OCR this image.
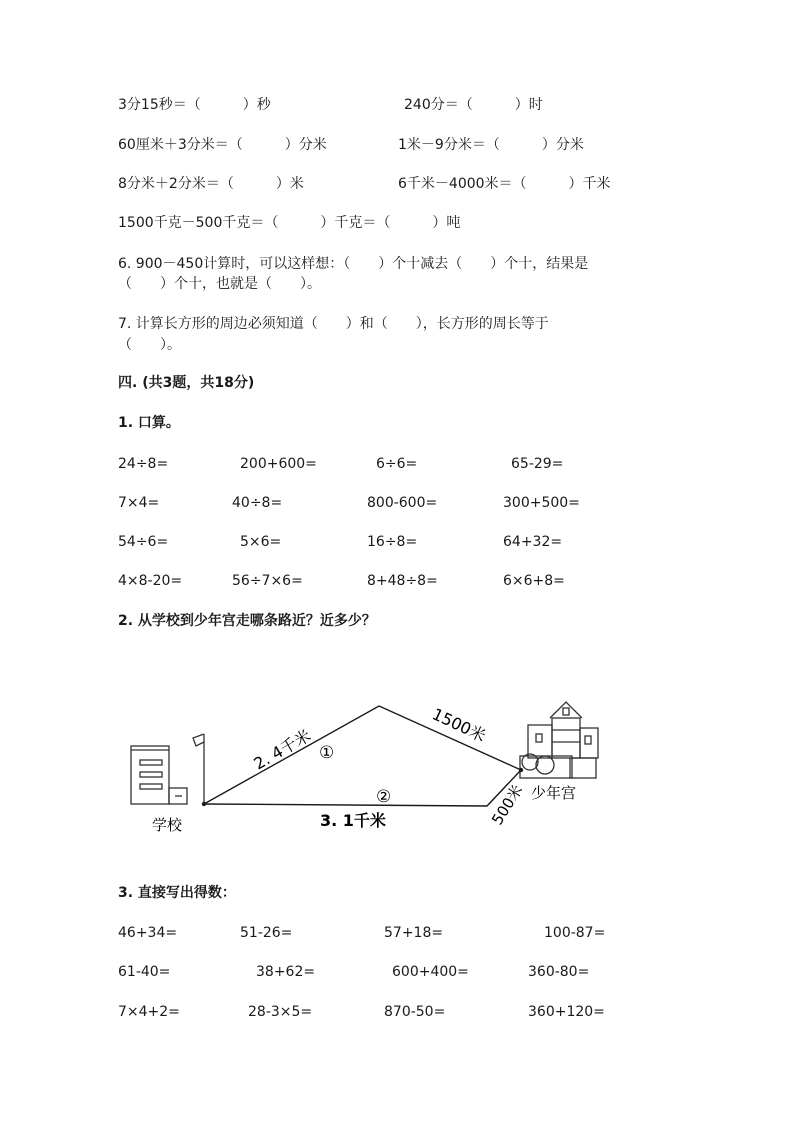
3分15秒＝（　　　）秒	240分＝（　　　）时
60厘米＋3分米＝（　　　）分米	1米－9分米＝（　　　）分米
8分米＋2分米＝（　　　）米	6千米－4000米＝（　　　）千米
1500千克－500千克＝（　　　）千克＝（　　　）吨
6. 900－450计算时，可以这样想：（　　）个十减去（　　）个十，结果是
（　　）个十，也就是（　　）。
7. 计算长方形的周边必须知道（　　）和（　　），长方形的周长等于
（　　）。
四. (共3题，共18分)
1. 口算。
24÷8=	200+600=	6÷6=	65-29=
7×4=	40÷8=	800-600=	300+500=
54÷6=	5×6=	16÷8=	64+32=
4×8-20=	56÷7×6=	8+48÷8=	6×6+8=
2. 从学校到少年宫走哪条路近？近多少？
2. 4千米
1500米
3. 1千米	500米
①
②
学校
少年宫
3. 直接写出得数：
46+34=	51-26=	57+18=	100-87=
61-40=	38+62=	600+400=	360-80=
7×4+2=	28-3×5=	870-50=	360+120=
